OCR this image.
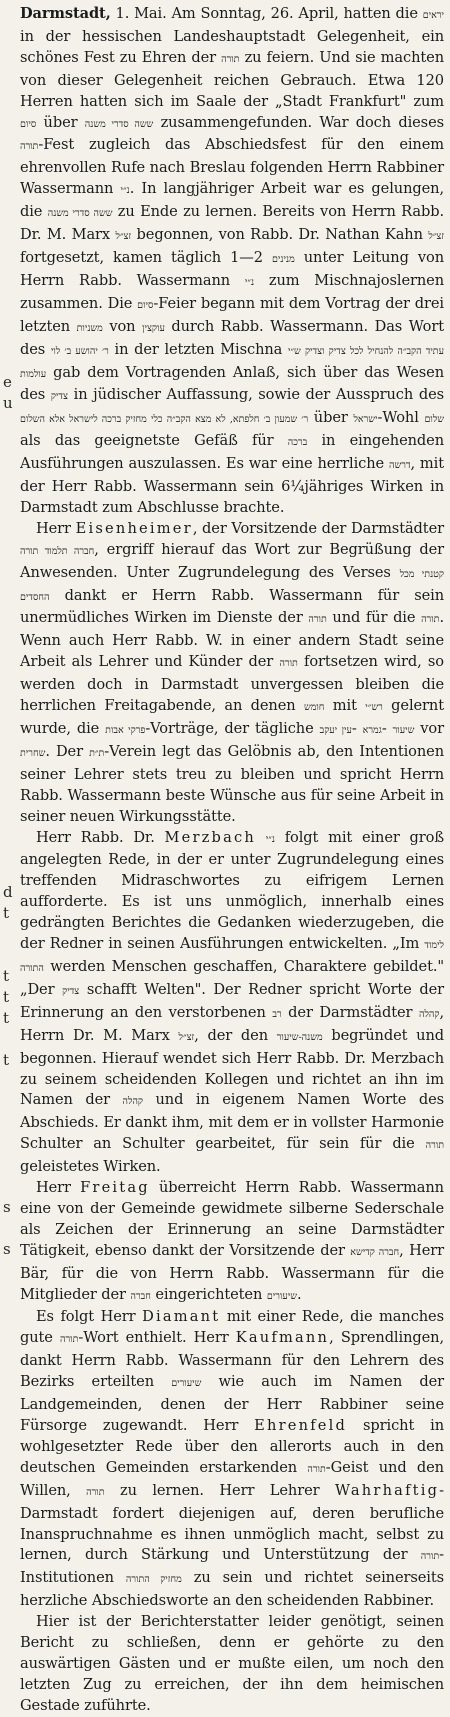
e
u
d
t
t
t
t
t
s
s

Darmstadt, 1. Mai. Am Sonntag, 26. April, hatten die יראים in der hessischen Landeshauptstadt Gelegenheit, ein schönes Fest zu Ehren der תורה zu feiern. Und sie machten von dieser Gelegenheit reichen Gebrauch. Etwa 120 Herren hatten sich im Saale der „Stadt Frankfurt" zum סיום über ששה סדרי משנה zusammengefunden. War doch dieses תורה-Fest zugleich das Abschiedsfest für den einem ehrenvollen Rufe nach Breslau folgenden Herrn Rabbiner Wassermann נ״י. In langjähriger Arbeit war es gelungen, die ששה סדרי משנה zu Ende zu lernen. Bereits von Herrn Rabb. Dr. M. Marx זצ״ל begonnen, von Rabb. Dr. Nathan Kahn זצ״ל fortgesetzt, kamen täglich 1—2 מנינים unter Leitung von Herrn Rabb. Wassermann נ״י zum Mischnajoslernen zusammen. Die סיום-Feier begann mit dem Vortrag der drei letzten משניות von עוקצין durch Rabb. Wassermann. Das Wort des ר׳ יהושע ב׳ לוי in der letzten Mischna עתיד הקב״ה להנחיל לכל צדיק וצדיק ש״י עולמות gab dem Vortragenden Anlaß, sich über das Wesen des צדיק in jüdischer Auffassung, sowie der Ausspruch des ר׳ שמעון ב׳ חלפתא, לא מצא הקב״ה כלי מחזיק ברכה לישראל אלא השלום über ישראל-Wohl שלום als das geeignetste Gefäß für ברכה in eingehenden Ausführungen auszulassen. Es war eine herrliche דרשה, mit der Herr Rabb. Wassermann sein 6¼jähriges Wirken in Darmstadt zum Abschlusse brachte.

Herr Eisenheimer, der Vorsitzende der Darmstädter חברה תלמוד תורה, ergriff hierauf das Wort zur Begrüßung der Anwesenden. Unter Zugrundelegung des Verses קטנתי מכל החסדים dankt er Herrn Rabb. Wassermann für sein unermüdliches Wirken im Dienste der תורה und für die תורה. Wenn auch Herr Rabb. W. in einer andern Stadt seine Arbeit als Lehrer und Künder der תורה fortsetzen wird, so werden doch in Darmstadt unvergessen bleiben die herrlichen Freitagabende, an denen חומש mit רש״י gelernt wurde, die פרקי אבות-Vorträge, der tägliche עין יעקב- גמרא- שיעור vor שחרית. Der ת״ת-Verein legt das Gelöbnis ab, den Intentionen seiner Lehrer stets treu zu bleiben und spricht Herrn Rabb. Wassermann beste Wünsche aus für seine Arbeit in seiner neuen Wirkungsstätte.

Herr Rabb. Dr. Merzbach נ״י folgt mit einer groß angelegten Rede, in der er unter Zugrundelegung eines treffenden Midraschwortes zu eifrigem Lernen aufforderte. Es ist uns unmöglich, innerhalb eines gedrängten Berichtes die Gedanken wiederzugeben, die der Redner in seinen Ausführungen entwickelten. „Im לימוד התורה werden Menschen geschaffen, Charaktere gebildet." „Der צדיק schafft Welten". Der Redner spricht Worte der Erinnerung an den verstorbenen רב der Darmstädter קהלה, Herrn Dr. M. Marx זצ״ל, der den משנה-שיעור begründet und begonnen. Hierauf wendet sich Herr Rabb. Dr. Merzbach zu seinem scheidenden Kollegen und richtet an ihn im Namen der קהלה und in eigenem Namen Worte des Abschieds. Er dankt ihm, mit dem er in vollster Harmonie Schulter an Schulter gearbeitet, für sein für die תורה geleistetes Wirken.

Herr Freitag überreicht Herrn Rabb. Wassermann eine von der Gemeinde gewidmete silberne Sederschale als Zeichen der Erinnerung an seine Darmstädter Tätigkeit, ebenso dankt der Vorsitzende der חברה קדישא, Herr Bär, für die von Herrn Rabb. Wassermann für die Mitglieder der חברה eingerichteten שיעורים.

Es folgt Herr Diamant mit einer Rede, die manches gute תורה-Wort enthielt. Herr Kaufmann, Sprendlingen, dankt Herrn Rabb. Wassermann für den Lehrern des Bezirks erteilten שיעורים wie auch im Namen der Landgemeinden, denen der Herr Rabbiner seine Fürsorge zugewandt. Herr Ehrenfeld spricht in wohlgesetzter Rede über den allerorts auch in den deutschen Gemeinden erstarkenden תורה-Geist und den Willen, תורה zu lernen. Herr Lehrer Wahrhaftig-Darmstadt fordert diejenigen auf, deren berufliche Inanspruchnahme es ihnen unmöglich macht, selbst zu lernen, durch Stärkung und Unterstützung der תורה-Institutionen מחזיק התורה zu sein und richtet seinerseits herzliche Abschiedsworte an den scheidenden Rabbiner.

Hier ist der Berichterstatter leider genötigt, seinen Bericht zu schließen, denn er gehörte zu den auswärtigen Gästen und er mußte eilen, um noch den letzten Zug zu erreichen, der ihn dem heimischen Gestade zuführte.
